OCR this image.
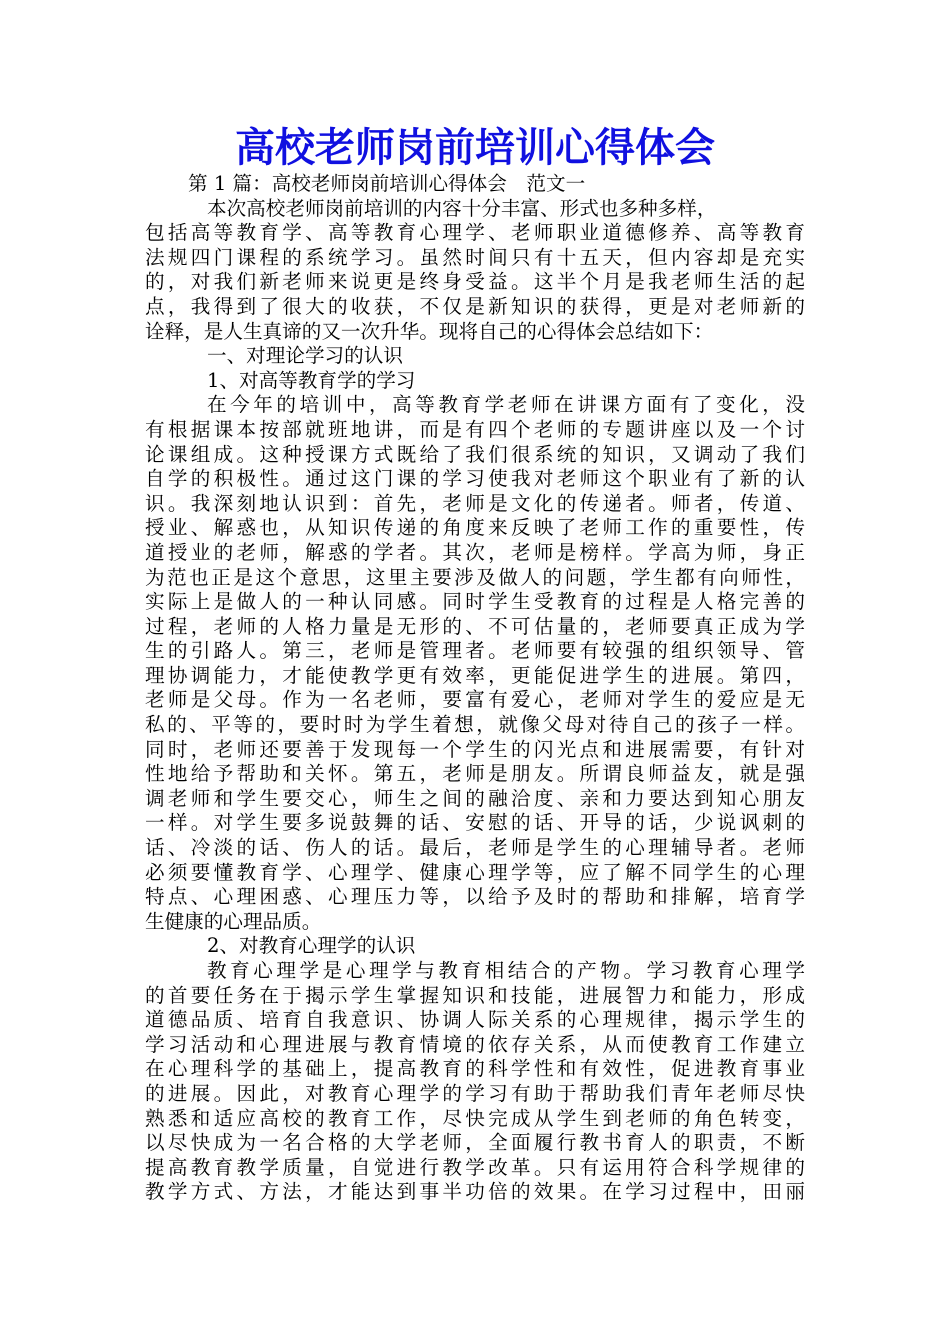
高校老师岗前培训心得体会
第 1 篇：高校老师岗前培训心得体会　范文一
本次高校老师岗前培训的内容十分丰富、形式也多种多样，
包括高等教育学、高等教育心理学、老师职业道德修养、高等教育
法规四门课程的系统学习。虽然时间只有十五天，但内容却是充实
的，对我们新老师来说更是终身受益。这半个月是我老师生活的起
点，我得到了很大的收获，不仅是新知识的获得，更是对老师新的
诠释，是人生真谛的又一次升华。现将自己的心得体会总结如下：
一、对理论学习的认识
1、对高等教育学的学习
在今年的培训中，高等教育学老师在讲课方面有了变化，没
有根据课本按部就班地讲，而是有四个老师的专题讲座以及一个讨
论课组成。这种授课方式既给了我们很系统的知识，又调动了我们
自学的积极性。通过这门课的学习使我对老师这个职业有了新的认
识。我深刻地认识到：首先，老师是文化的传递者。师者，传道、
授业、解惑也，从知识传递的角度来反映了老师工作的重要性，传
道授业的老师，解惑的学者。其次，老师是榜样。学高为师，身正
为范也正是这个意思，这里主要涉及做人的问题，学生都有向师性，
实际上是做人的一种认同感。同时学生受教育的过程是人格完善的
过程，老师的人格力量是无形的、不可估量的，老师要真正成为学
生的引路人。第三，老师是管理者。老师要有较强的组织领导、管
理协调能力，才能使教学更有效率，更能促进学生的进展。第四，
老师是父母。作为一名老师，要富有爱心，老师对学生的爱应是无
私的、平等的，要时时为学生着想，就像父母对待自己的孩子一样。
同时，老师还要善于发现每一个学生的闪光点和进展需要，有针对
性地给予帮助和关怀。第五，老师是朋友。所谓良师益友，就是强
调老师和学生要交心，师生之间的融洽度、亲和力要达到知心朋友
一样。对学生要多说鼓舞的话、安慰的话、开导的话，少说讽刺的
话、冷淡的话、伤人的话。最后，老师是学生的心理辅导者。老师
必须要懂教育学、心理学、健康心理学等，应了解不同学生的心理
特点、心理困惑、心理压力等，以给予及时的帮助和排解，培育学
生健康的心理品质。
2、对教育心理学的认识
教育心理学是心理学与教育相结合的产物。学习教育心理学
的首要任务在于揭示学生掌握知识和技能，进展智力和能力，形成
道德品质、培育自我意识、协调人际关系的心理规律，揭示学生的
学习活动和心理进展与教育情境的依存关系，从而使教育工作建立
在心理科学的基础上，提高教育的科学性和有效性，促进教育事业
的进展。因此，对教育心理学的学习有助于帮助我们青年老师尽快
熟悉和适应高校的教育工作，尽快完成从学生到老师的角色转变，
以尽快成为一名合格的大学老师，全面履行教书育人的职责，不断
提高教育教学质量，自觉进行教学改革。只有运用符合科学规律的
教学方式、方法，才能达到事半功倍的效果。在学习过程中，田丽
